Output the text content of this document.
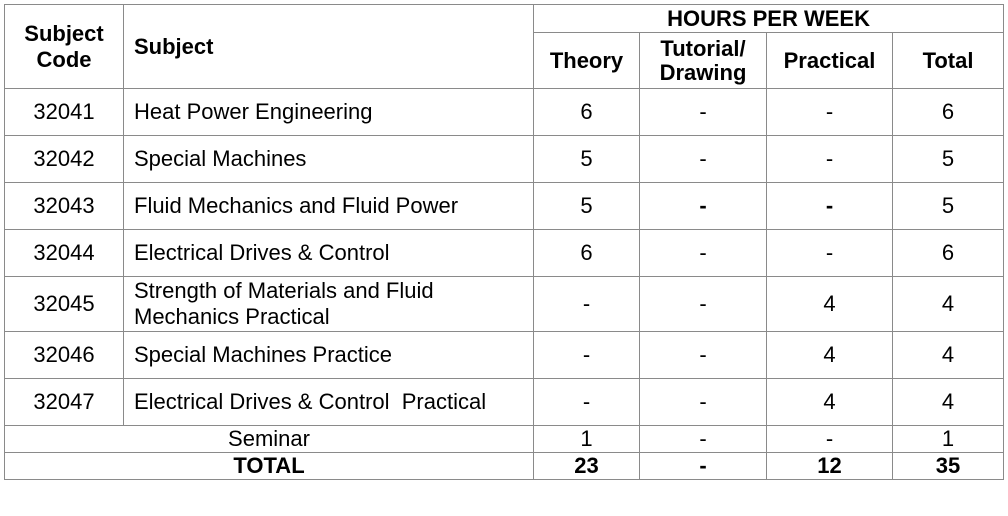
Subject Code	Subject	HOURS PER WEEK			
		Theory	Tutorial/
Drawing	Practical	Total
32041	Heat Power Engineering	6	-	-	6
32042	Special Machines	5	-	-	5
32043	Fluid Mechanics and Fluid Power	5	-	-	5
32044	Electrical Drives & Control	6	-	-	6
32045	Strength of Materials and Fluid
Mechanics Practical	-	-	4	4
32046	Special Machines Practice	-	-	4	4
32047	Electrical Drives & Control  Practical	-	-	4	4
Seminar		1	-	-	1
TOTAL		23	-	12	35
